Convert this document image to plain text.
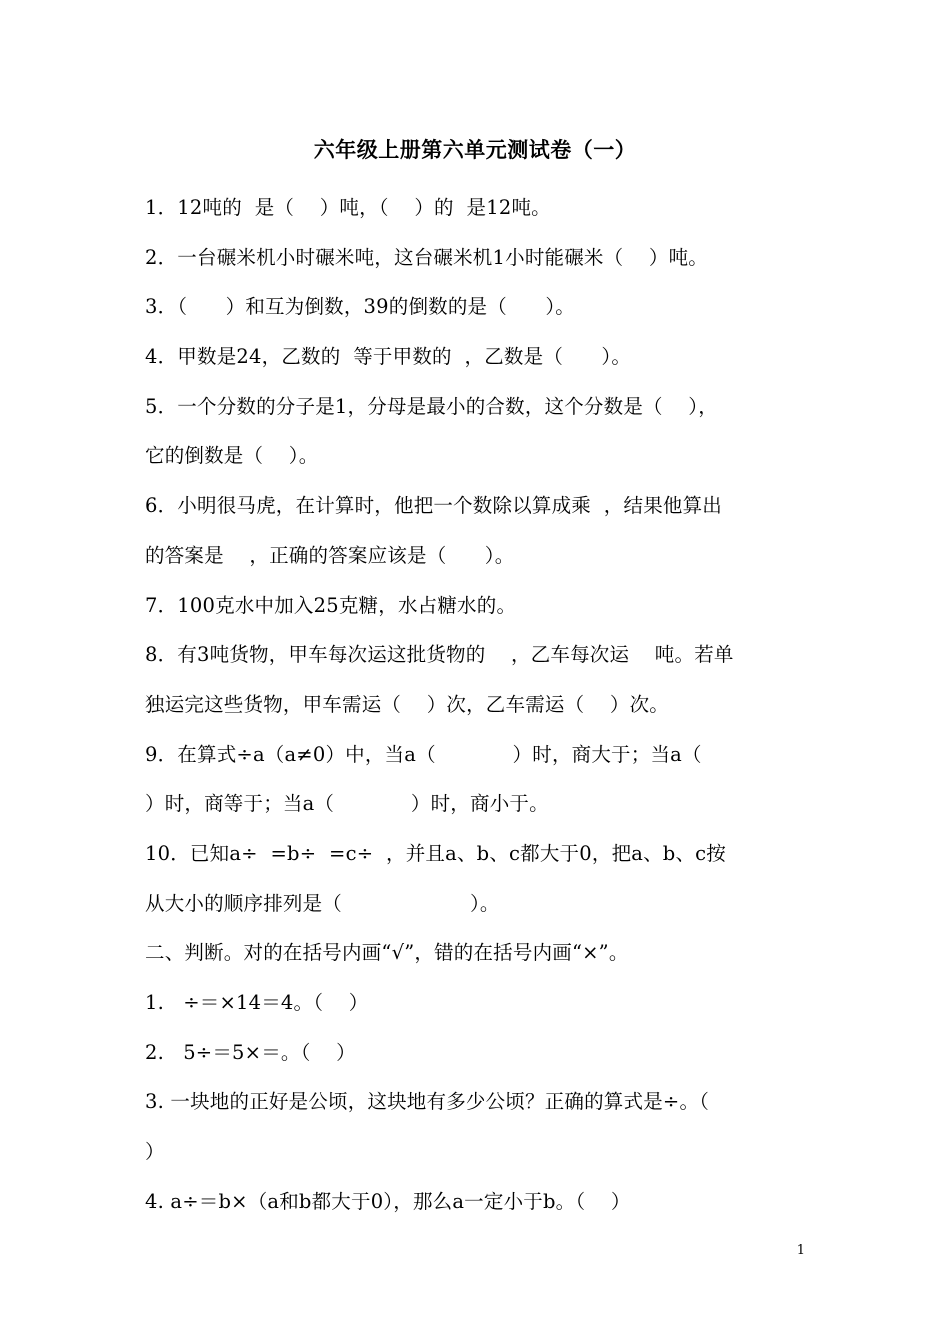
六年级上册第六单元测试卷（一）
1．12吨的  是（    ）吨，（    ）的  是12吨。
2．一台碾米机小时碾米吨，这台碾米机1小时能碾米（    ）吨。
3．（      ）和互为倒数，39的倒数的是（      ）。
4．甲数是24，乙数的  等于甲数的  ，乙数是（      ）。
5．一个分数的分子是1，分母是最小的合数，这个分数是（    ），
它的倒数是（    ）。
6．小明很马虎，在计算时，他把一个数除以算成乘  ，结果他算出
的答案是    ，正确的答案应该是（      ）。
7．100克水中加入25克糖，水占糖水的。
8．有3吨货物，甲车每次运这批货物的    ，乙车每次运    吨。若单
独运完这些货物，甲车需运（    ）次，乙车需运（    ）次。
9．在算式÷a（a≠0）中，当a（            ）时，商大于；当a（
）时，商等于；当a（            ）时，商小于。
10．已知a÷  =b÷  =c÷  ，并且a、b、c都大于0，把a、b、c按
从大小的顺序排列是（                    ）。
二、判断。对的在括号内画“√”，错的在括号内画“×”。
1.   ÷＝×14＝4。（    ）
2.   5÷＝5×＝。（    ）
3. 一块地的正好是公顷，这块地有多少公顷？正确的算式是÷。（
）
4. a÷＝b×（a和b都大于0），那么a一定小于b。（    ）
1
